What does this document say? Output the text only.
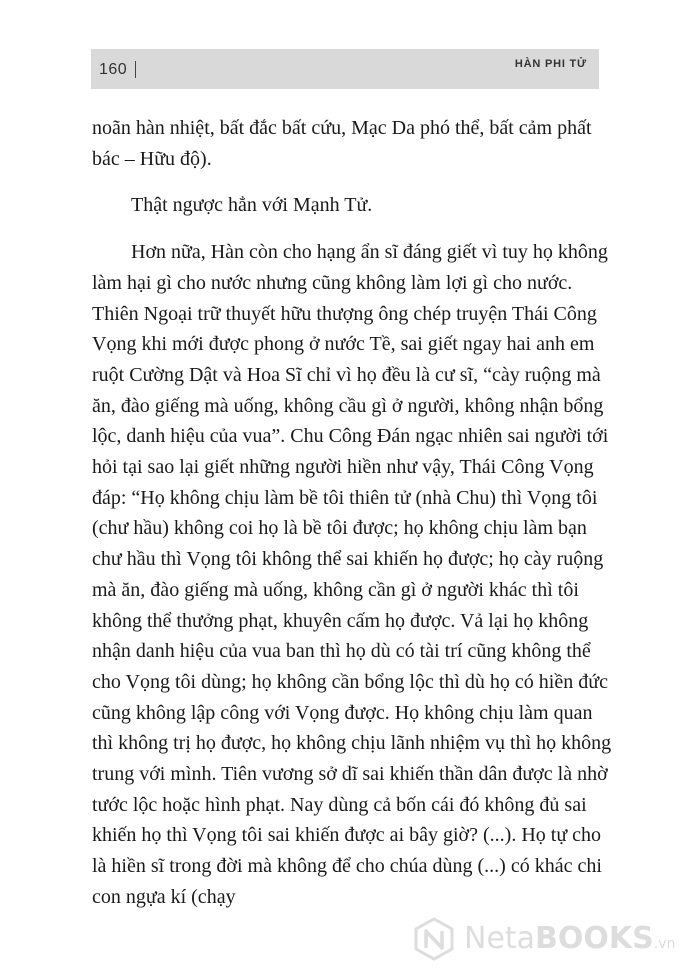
160	HÀN PHI TỬ

noãn hàn nhiệt, bất đắc bất cứu, Mạc Da phó thể, bất cảm phất bác – Hữu độ).

Thật ngược hẳn với Mạnh Tử.

Hơn nữa, Hàn còn cho hạng ẩn sĩ đáng giết vì tuy họ không làm hại gì cho nước nhưng cũng không làm lợi gì cho nước. Thiên Ngoại trữ thuyết hữu thượng ông chép truyện Thái Công Vọng khi mới được phong ở nước Tề, sai giết ngay hai anh em ruột Cường Dật và Hoa Sĩ chỉ vì họ đều là cư sĩ, “cày ruộng mà ăn, đào giếng mà uống, không cầu gì ở người, không nhận bổng lộc, danh hiệu của vua”. Chu Công Đán ngạc nhiên sai người tới hỏi tại sao lại giết những người hiền như vậy, Thái Công Vọng đáp: “Họ không chịu làm bề tôi thiên tử (nhà Chu) thì Vọng tôi (chư hầu) không coi họ là bề tôi được; họ không chịu làm bạn chư hầu thì Vọng tôi không thể sai khiến họ được; họ cày ruộng mà ăn, đào giếng mà uống, không cần gì ở người khác thì tôi không thể thưởng phạt, khuyên cấm họ được. Vả lại họ không nhận danh hiệu của vua ban thì họ dù có tài trí cũng không thể cho Vọng tôi dùng; họ không cần bổng lộc thì dù họ có hiền đức cũng không lập công với Vọng được. Họ không chịu làm quan thì không trị họ được, họ không chịu lãnh nhiệm vụ thì họ không trung với mình. Tiên vương sở dĩ sai khiến thần dân được là nhờ tước lộc hoặc hình phạt. Nay dùng cả bốn cái đó không đủ sai khiến họ thì Vọng tôi sai khiến được ai bây giờ? (...). Họ tự cho là hiền sĩ trong đời mà không để cho chúa dùng (...) có khác chi con ngựa kí (chạy

NetaBOOKS.vn
